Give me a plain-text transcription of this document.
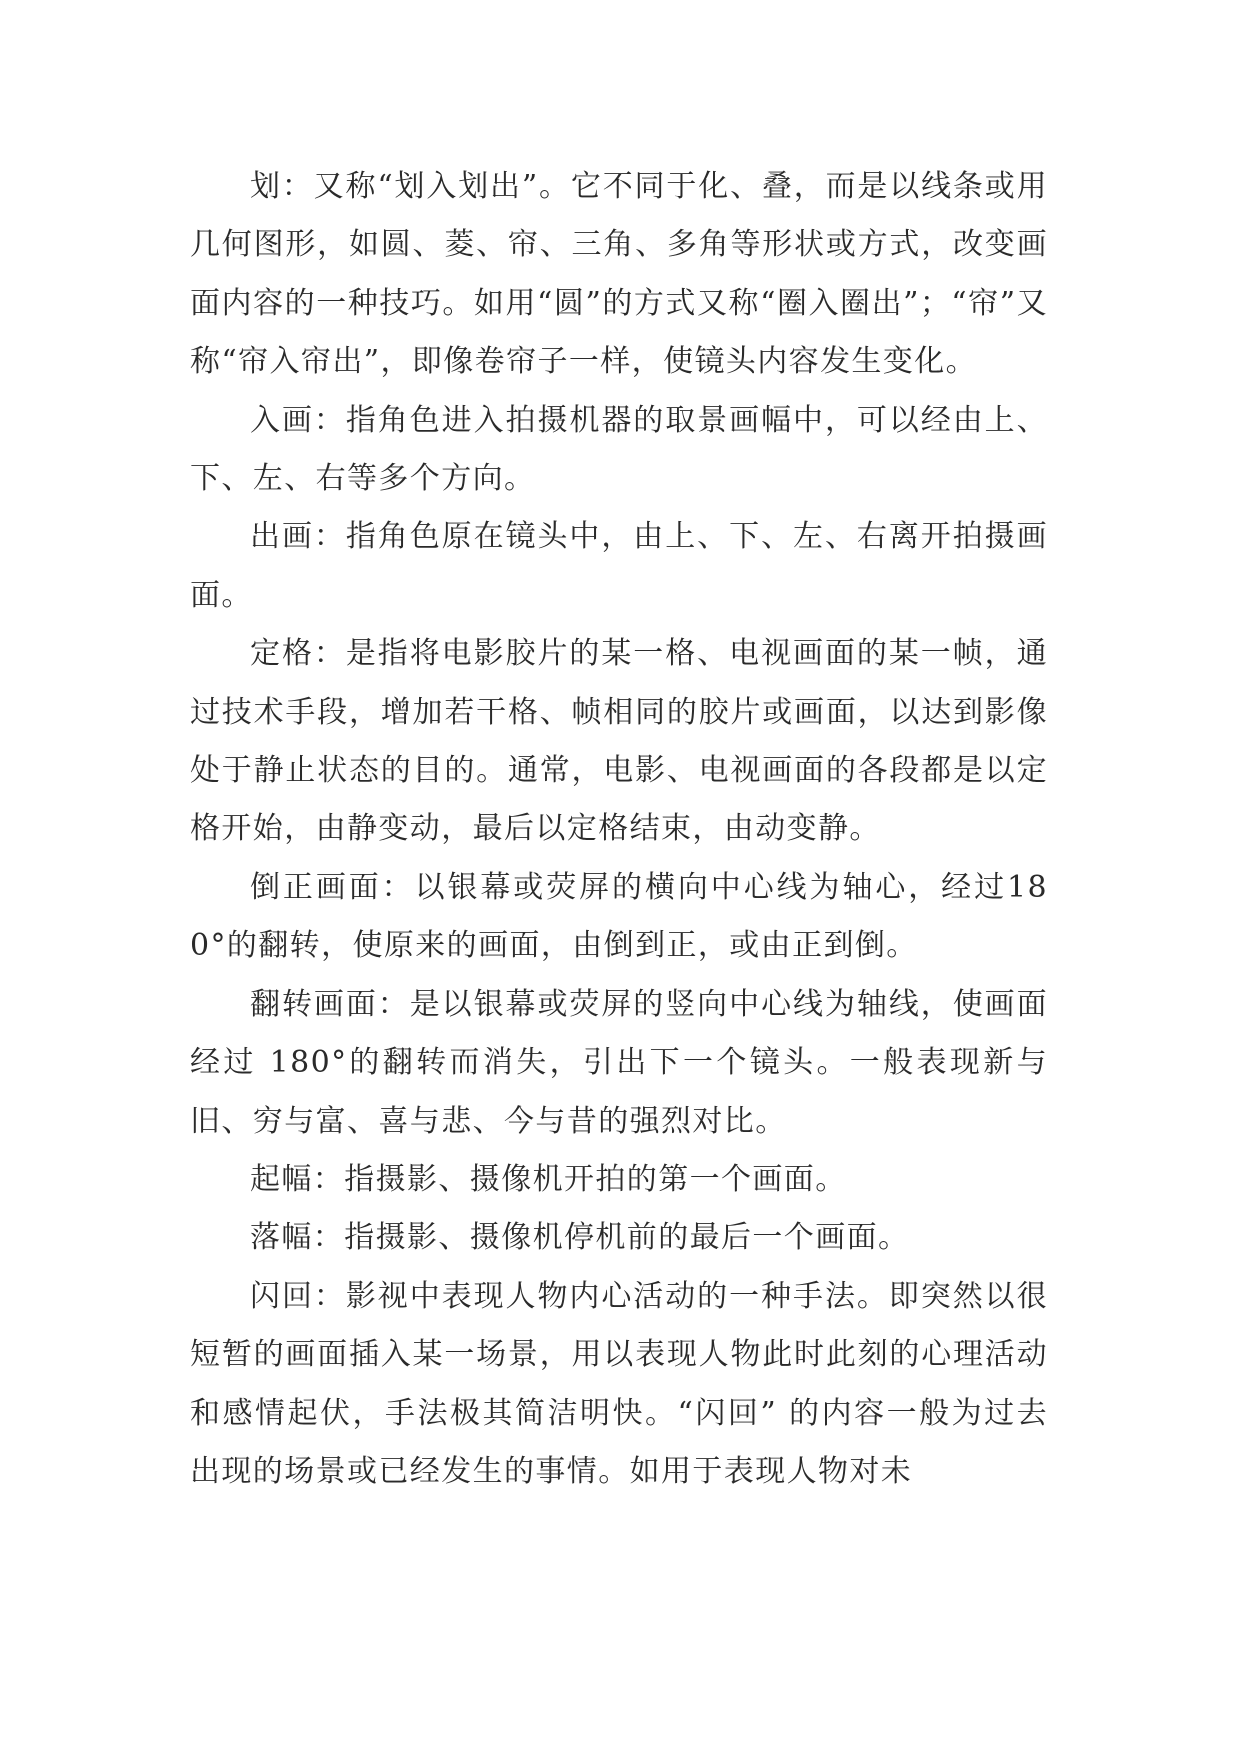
划：又称“划入划出”。它不同于化、叠，而是以线条或用几何图形，如圆、菱、帘、三角、多角等形状或方式，改变画面内容的一种技巧。如用“圆”的方式又称“圈入圈出”；“帘”又称“帘入帘出”，即像卷帘子一样，使镜头内容发生变化。

入画：指角色进入拍摄机器的取景画幅中，可以经由上、下、左、右等多个方向。

出画：指角色原在镜头中，由上、下、左、右离开拍摄画面。

定格：是指将电影胶片的某一格、电视画面的某一帧，通过技术手段，增加若干格、帧相同的胶片或画面，以达到影像处于静止状态的目的。通常，电影、电视画面的各段都是以定格开始，由静变动，最后以定格结束，由动变静。

倒正画面：以银幕或荧屏的横向中心线为轴心，经过180°的翻转，使原来的画面，由倒到正，或由正到倒。

翻转画面：是以银幕或荧屏的竖向中心线为轴线，使画面经过 180°的翻转而消失，引出下一个镜头。一般表现新与旧、穷与富、喜与悲、今与昔的强烈对比。

起幅：指摄影、摄像机开拍的第一个画面。

落幅：指摄影、摄像机停机前的最后一个画面。

闪回：影视中表现人物内心活动的一种手法。即突然以很短暂的画面插入某一场景，用以表现人物此时此刻的心理活动和感情起伏，手法极其简洁明快。“闪回” 的内容一般为过去出现的场景或已经发生的事情。如用于表现人物对未
